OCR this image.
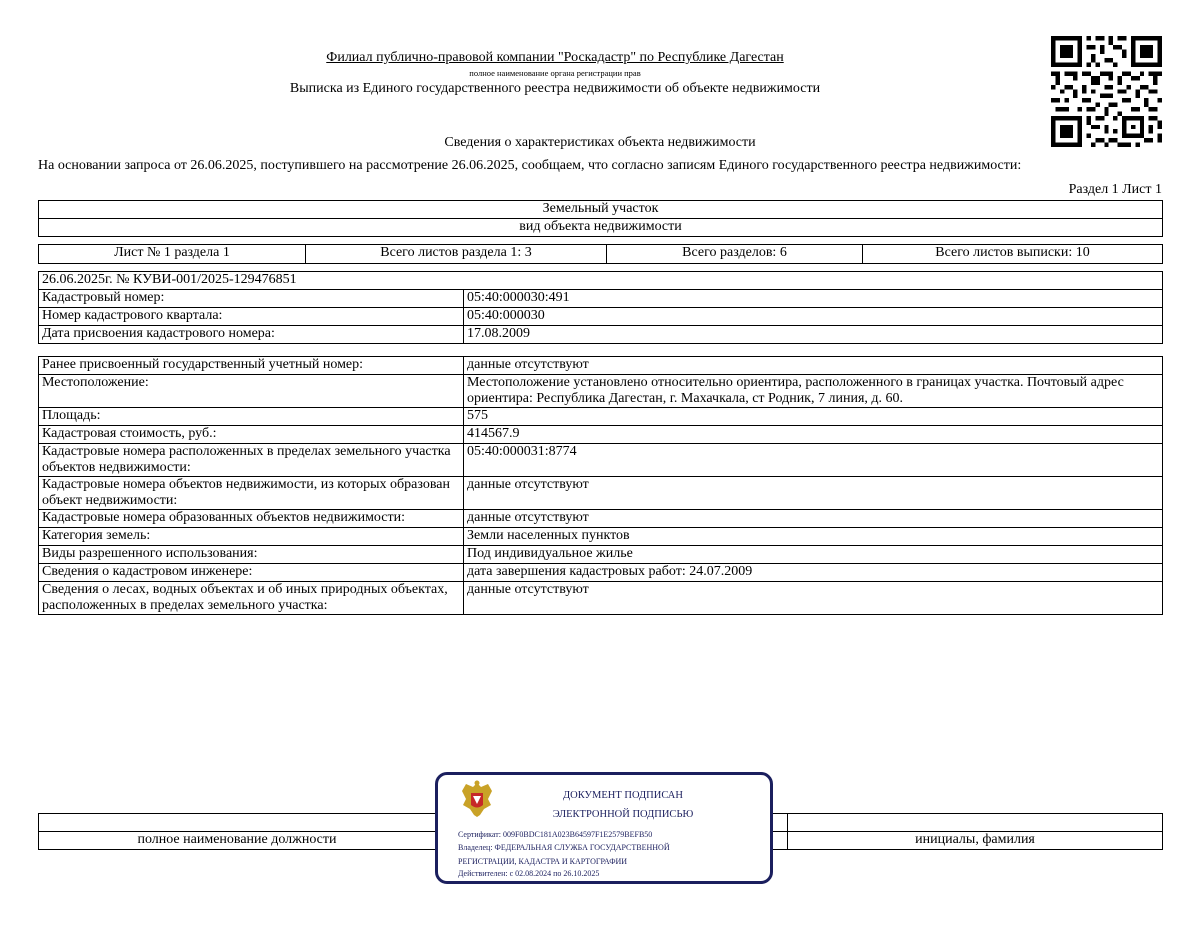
Филиал публично-правовой компании "Роскадастр" по Республике Дагестан
полное наименование органа регистрации прав
Выписка из Единого государственного реестра недвижимости об объекте недвижимости
Сведения о характеристиках объекта недвижимости
На основании запроса от 26.06.2025, поступившего на рассмотрение 26.06.2025, сообщаем, что согласно записям Единого государственного реестра недвижимости:
Раздел 1 Лист 1
Земельный участок
вид объекта недвижимости
Лист № 1 раздела 1	Всего листов раздела 1: 3	Всего разделов: 6	Всего листов выписки: 10
26.06.2025г. № КУВИ-001/2025-129476851	
Кадастровый номер:	05:40:000030:491
Номер кадастрового квартала:	05:40:000030
Дата присвоения кадастрового номера:	17.08.2009
Ранее присвоенный государственный учетный номер:	данные отсутствуют
Местоположение:	Местоположение установлено относительно ориентира, расположенного в границах участка. Почтовый адрес ориентира: Республика Дагестан, г. Махачкала, ст Родник, 7 линия, д. 60.
Площадь:	575
Кадастровая стоимость, руб.:	414567.9
Кадастровые номера расположенных в пределах земельного участка объектов недвижимости:	05:40:000031:8774
Кадастровые номера объектов недвижимости, из которых образован объект недвижимости:	данные отсутствуют
Кадастровые номера образованных объектов недвижимости:	данные отсутствуют
Категория земель:	Земли населенных пунктов
Виды разрешенного использования:	Под индивидуальное жилье
Сведения о кадастровом инженере:	дата завершения кадастровых работ: 24.07.2009
Сведения о лесах, водных объектах и об иных природных объектах, расположенных в пределах земельного участка:	данные отсутствуют

полное наименование должности		инициалы, фамилия
ДОКУМЕНТ ПОДПИСАН
ЭЛЕКТРОННОЙ ПОДПИСЬЮ
Сертификат: 009F0BDC181A023B64597F1E2579BEFB50
Владелец: ФЕДЕРАЛЬНАЯ СЛУЖБА ГОСУДАРСТВЕННОЙ
РЕГИСТРАЦИИ, КАДАСТРА И КАРТОГРАФИИ
Действителен: с 02.08.2024 по 26.10.2025
